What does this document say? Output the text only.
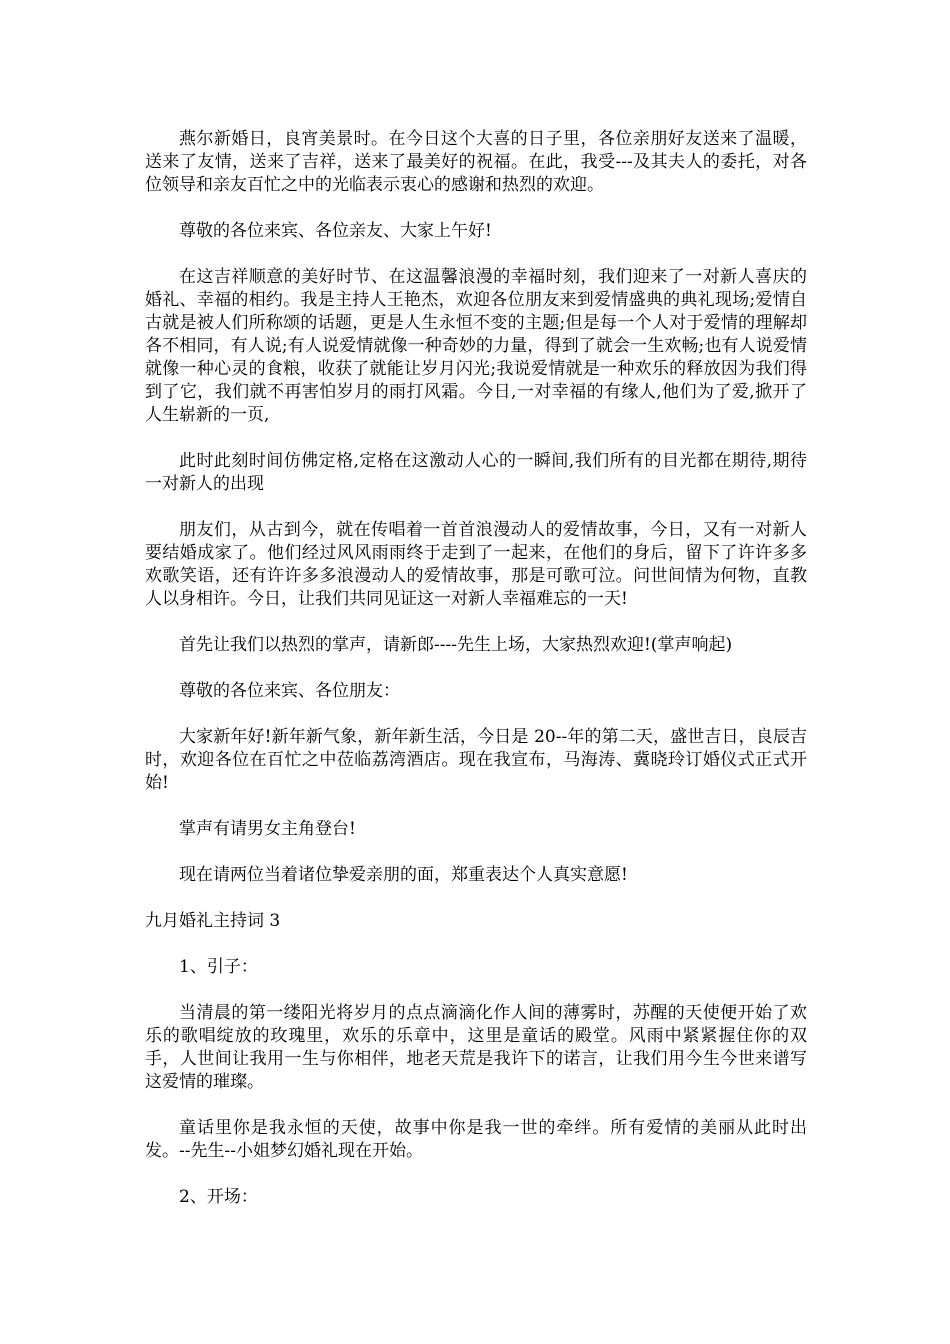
燕尔新婚日，良宵美景时。在今日这个大喜的日子里，各位亲朋好友送来了温暖，送来了友情，送来了吉祥，送来了最美好的祝福。在此，我受---及其夫人的委托，对各位领导和亲友百忙之中的光临表示衷心的感谢和热烈的欢迎。

尊敬的各位来宾、各位亲友、大家上午好!

在这吉祥顺意的美好时节、在这温馨浪漫的幸福时刻，我们迎来了一对新人喜庆的婚礼、幸福的相约。我是主持人王艳杰，欢迎各位朋友来到爱情盛典的典礼现场;爱情自古就是被人们所称颂的话题，更是人生永恒不变的主题;但是每一个人对于爱情的理解却各不相同，有人说;有人说爱情就像一种奇妙的力量，得到了就会一生欢畅;也有人说爱情就像一种心灵的食粮，收获了就能让岁月闪光;我说爱情就是一种欢乐的释放因为我们得到了它，我们就不再害怕岁月的雨打风霜。今日,一对幸福的有缘人,他们为了爱,掀开了人生崭新的一页,

此时此刻时间仿佛定格,定格在这激动人心的一瞬间,我们所有的目光都在期待,期待一对新人的出现

朋友们，从古到今，就在传唱着一首首浪漫动人的爱情故事，今日，又有一对新人要结婚成家了。他们经过风风雨雨终于走到了一起来，在他们的身后，留下了许许多多欢歌笑语，还有许许多多浪漫动人的爱情故事，那是可歌可泣。问世间情为何物，直教人以身相许。今日，让我们共同见证这一对新人幸福难忘的一天!

首先让我们以热烈的掌声，请新郎----先生上场，大家热烈欢迎!(掌声响起)

尊敬的各位来宾、各位朋友：

大家新年好!新年新气象，新年新生活，今日是 20--年的第二天，盛世吉日，良辰吉时，欢迎各位在百忙之中莅临荔湾酒店。现在我宣布，马海涛、冀晓玲订婚仪式正式开始!

掌声有请男女主角登台!

现在请两位当着诸位挚爱亲朋的面，郑重表达个人真实意愿!

九月婚礼主持词 3

1、引子：

当清晨的第一缕阳光将岁月的点点滴滴化作人间的薄雾时，苏醒的天使便开始了欢乐的歌唱绽放的玫瑰里，欢乐的乐章中，这里是童话的殿堂。风雨中紧紧握住你的双手，人世间让我用一生与你相伴，地老天荒是我许下的诺言，让我们用今生今世来谱写这爱情的璀璨。

童话里你是我永恒的天使，故事中你是我一世的牵绊。所有爱情的美丽从此时出发。--先生--小姐梦幻婚礼现在开始。

2、开场：
